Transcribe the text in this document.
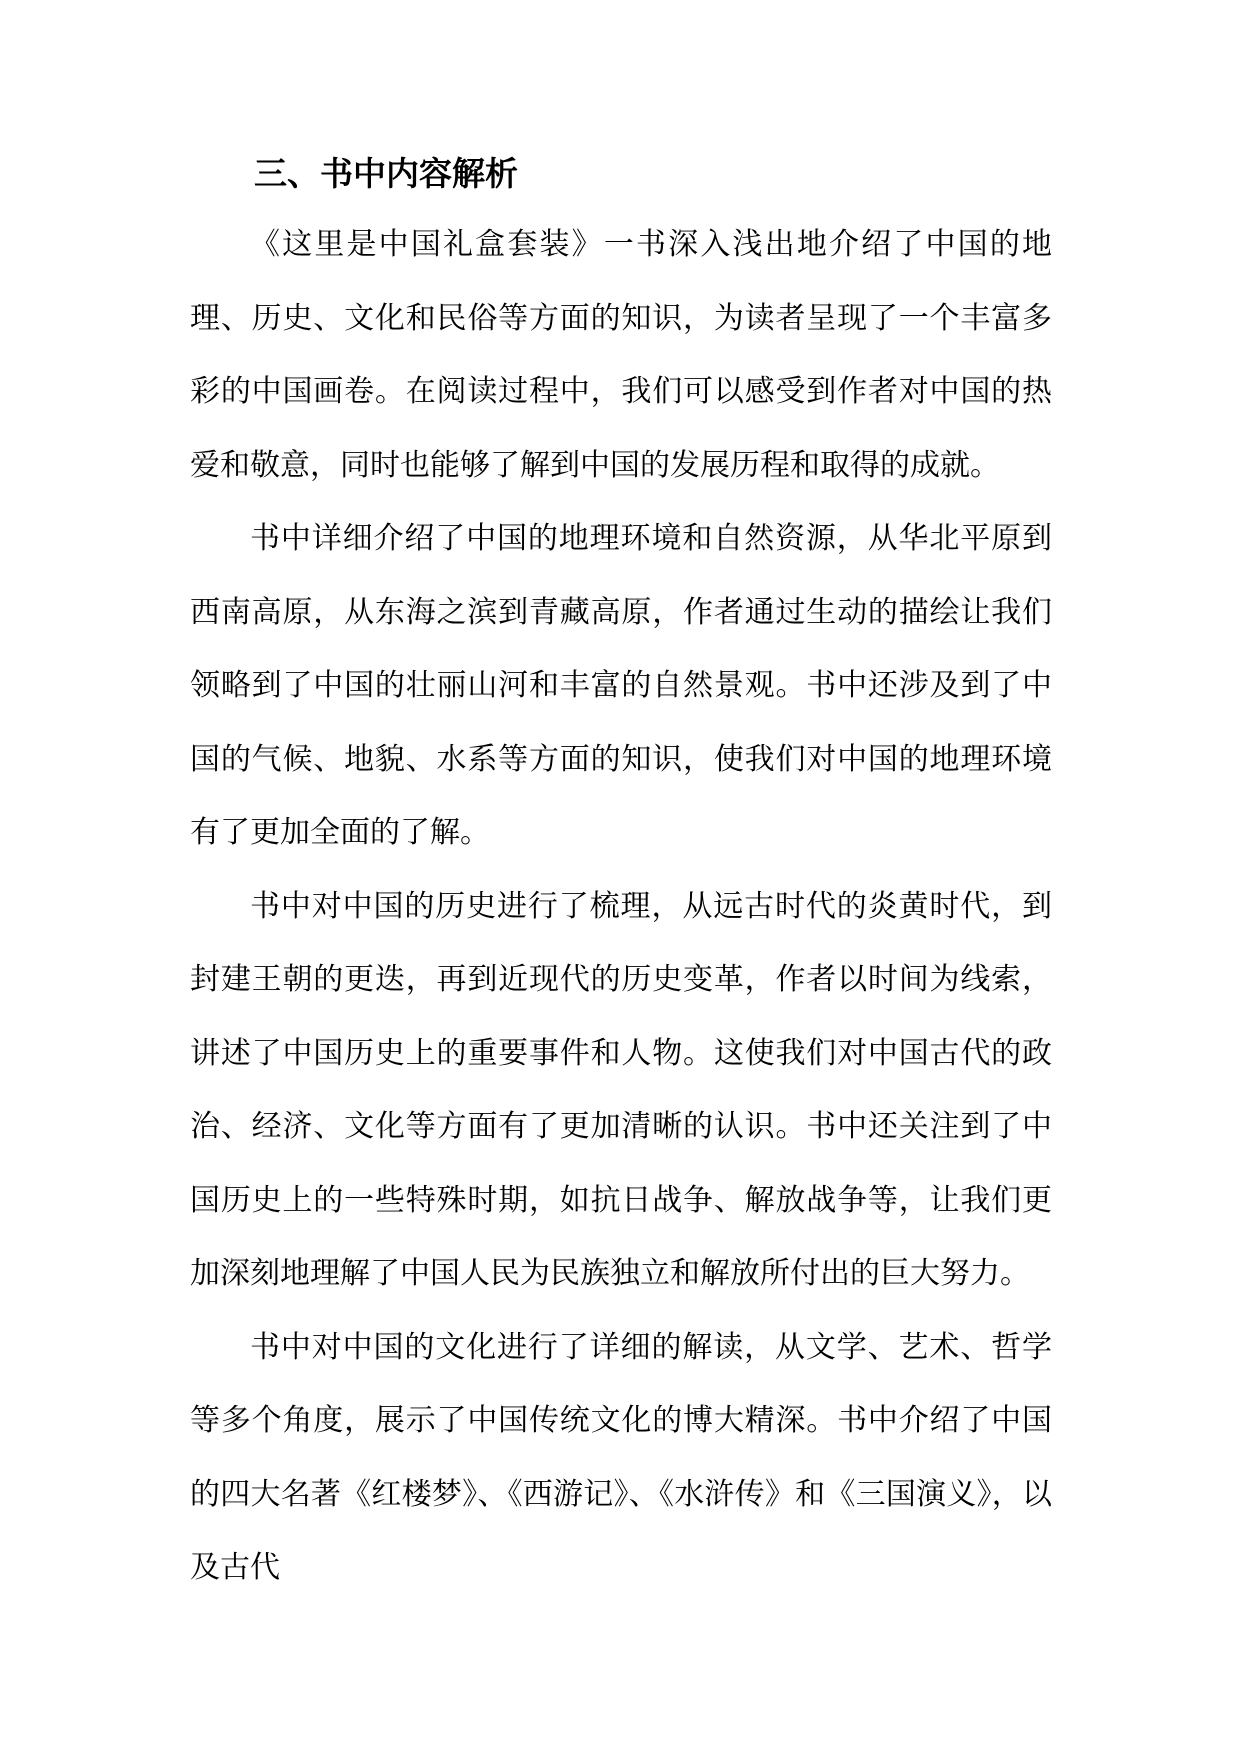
三、书中内容解析

《这里是中国礼盒套装》一书深入浅出地介绍了中国的地理、历史、文化和民俗等方面的知识，为读者呈现了一个丰富多彩的中国画卷。在阅读过程中，我们可以感受到作者对中国的热爱和敬意，同时也能够了解到中国的发展历程和取得的成就。

书中详细介绍了中国的地理环境和自然资源，从华北平原到西南高原，从东海之滨到青藏高原，作者通过生动的描绘让我们领略到了中国的壮丽山河和丰富的自然景观。书中还涉及到了中国的气候、地貌、水系等方面的知识，使我们对中国的地理环境有了更加全面的了解。

书中对中国的历史进行了梳理，从远古时代的炎黄时代，到封建王朝的更迭，再到近现代的历史变革，作者以时间为线索，讲述了中国历史上的重要事件和人物。这使我们对中国古代的政治、经济、文化等方面有了更加清晰的认识。书中还关注到了中国历史上的一些特殊时期，如抗日战争、解放战争等，让我们更加深刻地理解了中国人民为民族独立和解放所付出的巨大努力。

书中对中国的文化进行了详细的解读，从文学、艺术、哲学等多个角度，展示了中国传统文化的博大精深。书中介绍了中国的四大名著《红楼梦》、《西游记》、《水浒传》和《三国演义》，以及古代
